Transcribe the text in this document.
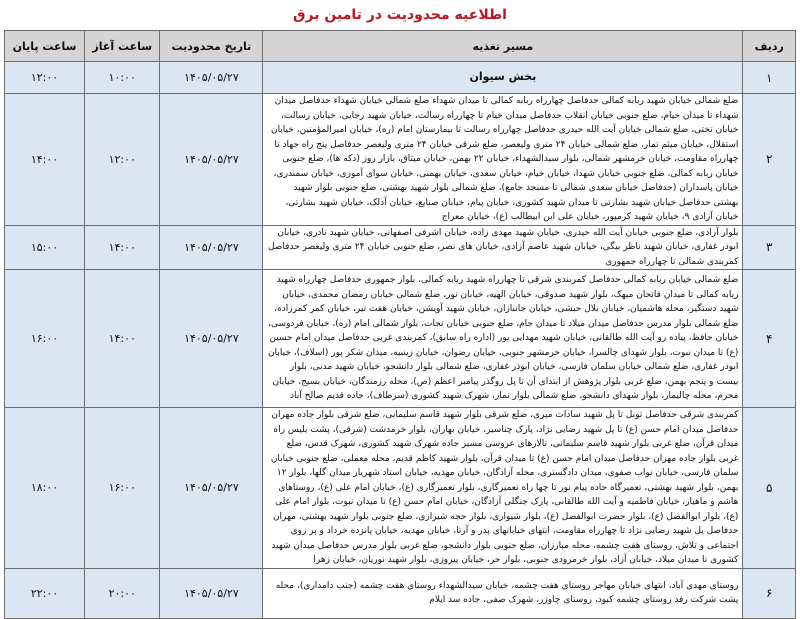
اطلاعیه محدودیت در تامین برق
ردیف	مسیر تغذیه	تاریخ محدودیت	ساعت آغاز	ساعت پایان
۱	بخش سیوان	۱۴۰۵/۰۵/۲۷	۱۰:۰۰	۱۲:۰۰
۲	ضلع شمالی خیابان شهید ربابه کمالی حدفاصل چهارراه ربابه کمالی تا میدان شهداء ضلع شمالی خیابان شهداء حدفاصل میدان شهداء تا میدان خیام، ضلع جنوبی خیابان انقلاب حدفاصل میدان خیام تا چهارراه رسالت، خیابان شهید رجایی، خیابان رسالت، خیابان تختی، ضلع شمالی خیابان آیت الله حیدری حدفاصل چهارراه رسالت تا بیمارستان امام (ره)، خیابان امیرالمؤمنین، خیابان استقلال، خیابان میثم تمار، ضلع شمالی خیابان ۲۴ متری ولیعصر، ضلع شرقی خیابان ۲۴ متری ولیعصر حدفاصل پنج راه جهاد تا چهارراه مقاومت، خیابان خرمشهر شمالی، بلوار سیدالشهداء، خیابان ۲۲ بهمن، خیابان میثاق، بازار روز (دکه ها)، ضلع جنوبی خیابان ربابه کمالی، ضلع جنوبی خیابان شهدا، خیابان خیام، خیابان سعدی، خیابان بهمنی، خیابان سوای آموزی، خیابان سمندری، خیابان پاسداران (حدفاصل خیابان سعدی شمالی تا مسجد جامع)، ضلع شمالی بلوار شهید بهشتی، ضلع جنوبی بلوار شهید بهشتی حدفاصل خیابان شهید بشارتی تا میدان شهید کشوری، خیابان پیام، خیابان صنایع، خیابان آذلک، خیابان شهید بشارتی، خیابان آزادی ۹، خیابان شهید کرمپور، خیابان علی ابن ابیطالب (ع)، خیابان معراج	۱۴۰۵/۰۵/۲۷	۱۲:۰۰	۱۴:۰۰
۳	بلوار آزادی، ضلع جنوبی خیابان آیت الله حیدری، خیابان شهید مهدی زاده، خیابان اشرفی اصفهانی، خیابان شهید نادری، خیابان ابوذر غفاری، خیابان شهید ناظر بیگی، خیابان شهید عاصم آزادی، خیابان های نصر، ضلع جنوبی خیابان ۲۴ متری ولیعصر حدفاصل کمربندی شمالی تا چهارراه جمهوری	۱۴۰۵/۰۵/۲۷	۱۴:۰۰	۱۵:۰۰
۴	ضلع شمالی خیابان ربابه کمالی حدفاصل کمربندی شرقی تا چهارراه شهید ربابه کمالی، بلوار جمهوری حدفاصل چهارراه شهید ربابه کمالی تا میدان فاتحان میهک، بلوار شهید صدوقی، خیابان الهیه، خیابان نور، ضلع شمالی خیابان رمضان محمدی، خیابان شهید دستگیر، محله هاشمیان، خیابان بلال حبشی، خیابان جانبازان، خیابان شهید آویشن، خیابان هفت تیر، خیابان کمر کمرزاده، ضلع شمالی بلوار مدرس حدفاصل میدان میلاد تا میدان جام، ضلع جنوبی خیابان نجات، بلوار شمالی امام (ره)، خیابان فردوسی، خیابان حافظ، پیاده رو آیت الله طالقانی، خیابان شهید مهدایی پور (اداره راه سابق)، کمربندی غربی حدفاصل میدان امام حسین (ع) تا میدان نبوت، بلوار شهدای چالسرا، خیابان خرمشهر جنوبی، خیابان رضوان، خیابان زینبیه، میدان شکر پور (اسلاف)، خیابان ابوذر غفاری، ضلع شمالی خیابان سلمان فارسی، خیابان ابوذر غفاری، ضلع شمالی بلوار دانشجو، خیابان شهید مدنی، بلوار بیست و پنجم بهمن، ضلع غربی بلوار پژوهش از ابتدای آن تا پل روگذر پیامبر اعظم (ص)، محله رزمندگان، خیابان بسیج، خیابان محرم، محله چالیمار، بلوار شهدای دانشجو، ضلع شمالی بلوار نماز، شهرک شهید کشوری (سرطاف)، جاده قدیم صالح آباد	۱۴۰۵/۰۵/۲۷	۱۴:۰۰	۱۶:۰۰
۵	کمربندی شرقی حدفاصل تونل تا پل شهید سادات میری، ضلع شرقی بلوار شهید قاسم سلیمانی، ضلع شرقی بلوار جاده مهران حدفاصل میدان امام حسن (ع) تا پل شهید رضایی نژاد، پارک چناسیر، خیابان بهاران، بلوار خرمدشت (شرقی)، پشت بلیس راه میدان قرآن، ضلع غربی بلوار شهید قاسم سلیمانی، تالارهای عروسی مسیر جاده شهرک شهید کشوری، شهرک قدس، ضلع غربی بلوار جاده مهران حدفاصل میدان امام حسن (ع) تا میدان قرآن، بلوار شهید کاظم قدیم، محله معملی، ضلع جنوبی خیابان سلمان فارسی، خیابان نواب صفوی، میدان دادگستری، محله آزادگان، خیابان مهدیه، خیابان استاد شهریار میدان گلها، بلوار ۱۲ بهمن، بلوار شهید بهشتی، تعمیرگاه جاده پیام نور تا چها راه تعمیرگاری، بلوار تعمیرگاری (ع)، خیابان امام علی (ع)، روستاهای هاشم و ماهیار، خیابان فاطمیه و آیت الله طالقانی، پارک جنگلی آزادگان، خیابان امام حسن (ع) تا میدان نبوت، بلوار امام علی (ع)، بلوار ابوالفضل (ع)، بلوار حضرت ابوالفضل (ع)، بلوار شیواری، بلوار حجه شیرازی، ضلع جنوبی بلوار شهید بهشتی، مهران حدفاصل پل شهید رضایی نژاد تا چهارراه مقاومت، انتهای خیابانهای پدر و آرتا، خیابان مهدیه، خیابان پانزده خرداد و پر روی اجتماعی و تلاش، روستای هفت چشمه، محله مبارزان، ضلع جنوبی بلوار دانشجو، ضلع غربی بلوار مدرس حدفاصل میدان شهید کشوری تا میدان میلاد، خیابان آزاد، بلوار خرمرودی جنوبی، بلوار حر، خیابان پیروزی، بلوار شهید نوریان، خیابان زهرا	۱۴۰۵/۰۵/۲۷	۱۶:۰۰	۱۸:۰۰
۶	روستای مهدی آباد، انتهای خیابان مهاجر روستای هفت چشمه، خیابان سیدالشهداء روستای هفت چشمه (جنب دامداری)، محله پشت شرکت رفد روستای چشمه کبود، روستای چاوزر، شهرک صفی، جاده سد ایلام	۱۴۰۵/۰۵/۲۷	۲۰:۰۰	۲۲:۰۰
